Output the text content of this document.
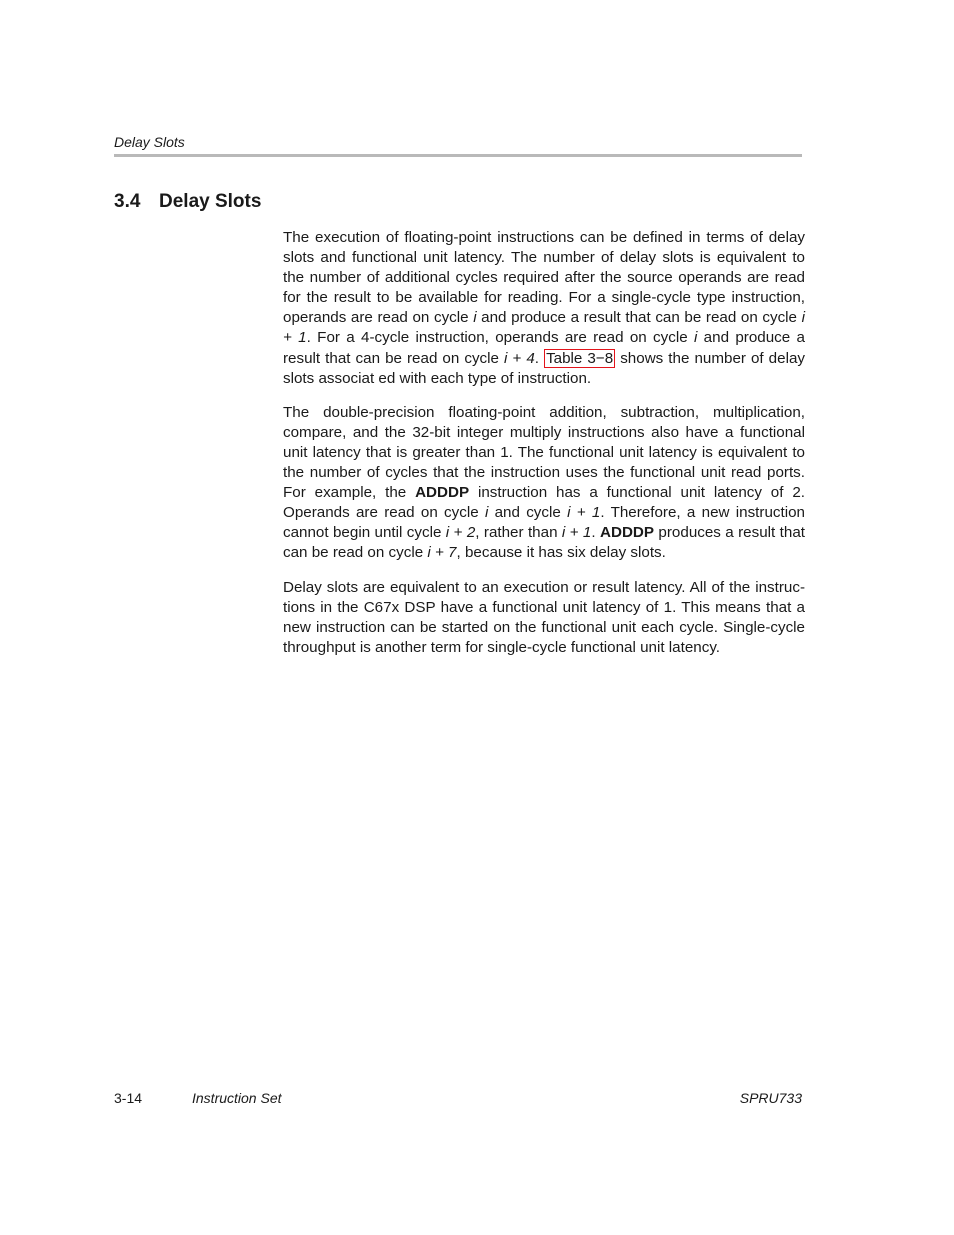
Delay Slots
3.4 Delay Slots

The execution of floating-point instructions can be defined in terms of delay slots and functional unit latency. The number of delay slots is equivalent to the number of additional cycles required after the source operands are read for the result to be available for reading. For a single-cycle type instruction, operands are read on cycle i and produce a result that can be read on cycle i + 1. For a 4-cycle instruction, operands are read on cycle i and produce a result that can be read on cycle i + 4. Table 3−8 shows the number of delay slots associat ed with each type of instruction.

The double-precision floating-point addition, subtraction, multiplication, compare, and the 32-bit integer multiply instructions also have a functional unit latency that is greater than 1. The functional unit latency is equivalent to the number of cycles that the instruction uses the functional unit read ports. For example, the ADDDP instruction has a functional unit latency of 2. Operands are read on cycle i and cycle i + 1. Therefore, a new instruction cannot begin until cycle i + 2, rather than i + 1. ADDDP produces a result that can be read on cycle i + 7, because it has six delay slots.

Delay slots are equivalent to an execution or result latency. All of the instruc tions in the C67x DSP have a functional unit latency of 1. This means that a new instruction can be started on the functional unit each cycle. Single-cycle throughput is another term for single-cycle functional unit latency.

3-14	Instruction Set	SPRU733
